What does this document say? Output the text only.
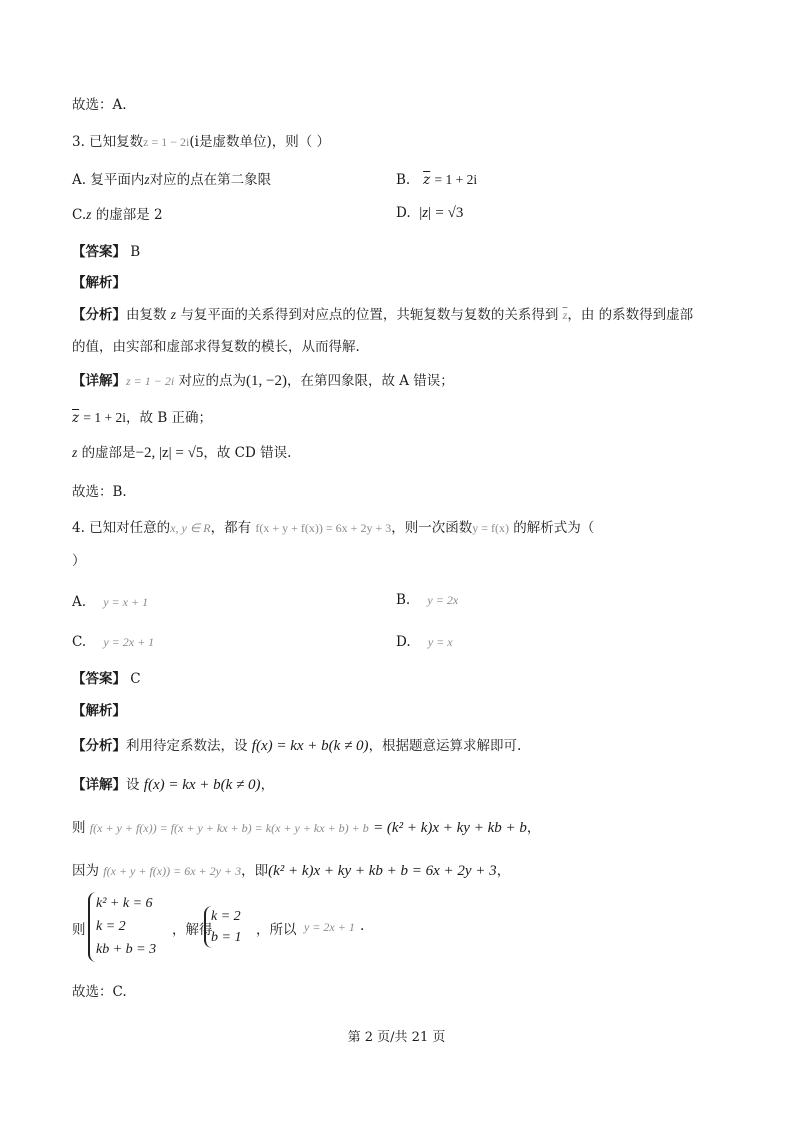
故选：A.
3. 已知复数z = 1 − 2i(i是虚数单位)，则（ ）
A. 复平面内z对应的点在第二象限	B. $\overline{z} = 1 + 2i$
C.z 的虚部是 2	D. |z| = √3
【答案】 B
【解析】
【分析】由复数 z 与复平面的关系得到对应点的位置，共轭复数与复数的关系得到 $\overline{z}$，由 的系数得到虚部
的值，由实部和虚部求得复数的模长，从而得解.
【详解】z = 1 − 2i 对应的点为(1, −2)，在第四象限，故 A 错误；
$\overline{z} = 1 + 2i$，故 B 正确；
z 的虚部是−2, |z| = √5，故 CD 错误.
故选：B.
4. 已知对任意的x, y ∈ R，都有 f(x + y + f(x)) = 6x + 2y + 3，则一次函数y = f(x) 的解析式为（
）
A. y = x + 1	B. y = 2x
C. y = 2x + 1	D. y = x
【答案】 C
【解析】
【分析】利用待定系数法，设 f(x) = kx + b(k ≠ 0)，根据题意运算求解即可.
【详解】设 f(x) = kx + b(k ≠ 0)，
则 f(x + y + f(x)) = f(x + y + kx + b) = k(x + y + kx + b) + b = (k² + k)x + ky + kb + b，
因为 f(x + y + f(x)) = 6x + 2y + 3，即(k² + k)x + ky + kb + b = 6x + 2y + 3，
则
k² + k = 6
k = 2
kb + b = 3
，解得
k = 2
b = 1	，所以 y = 2x + 1 .
故选：C.
第 2 页/共 21 页
